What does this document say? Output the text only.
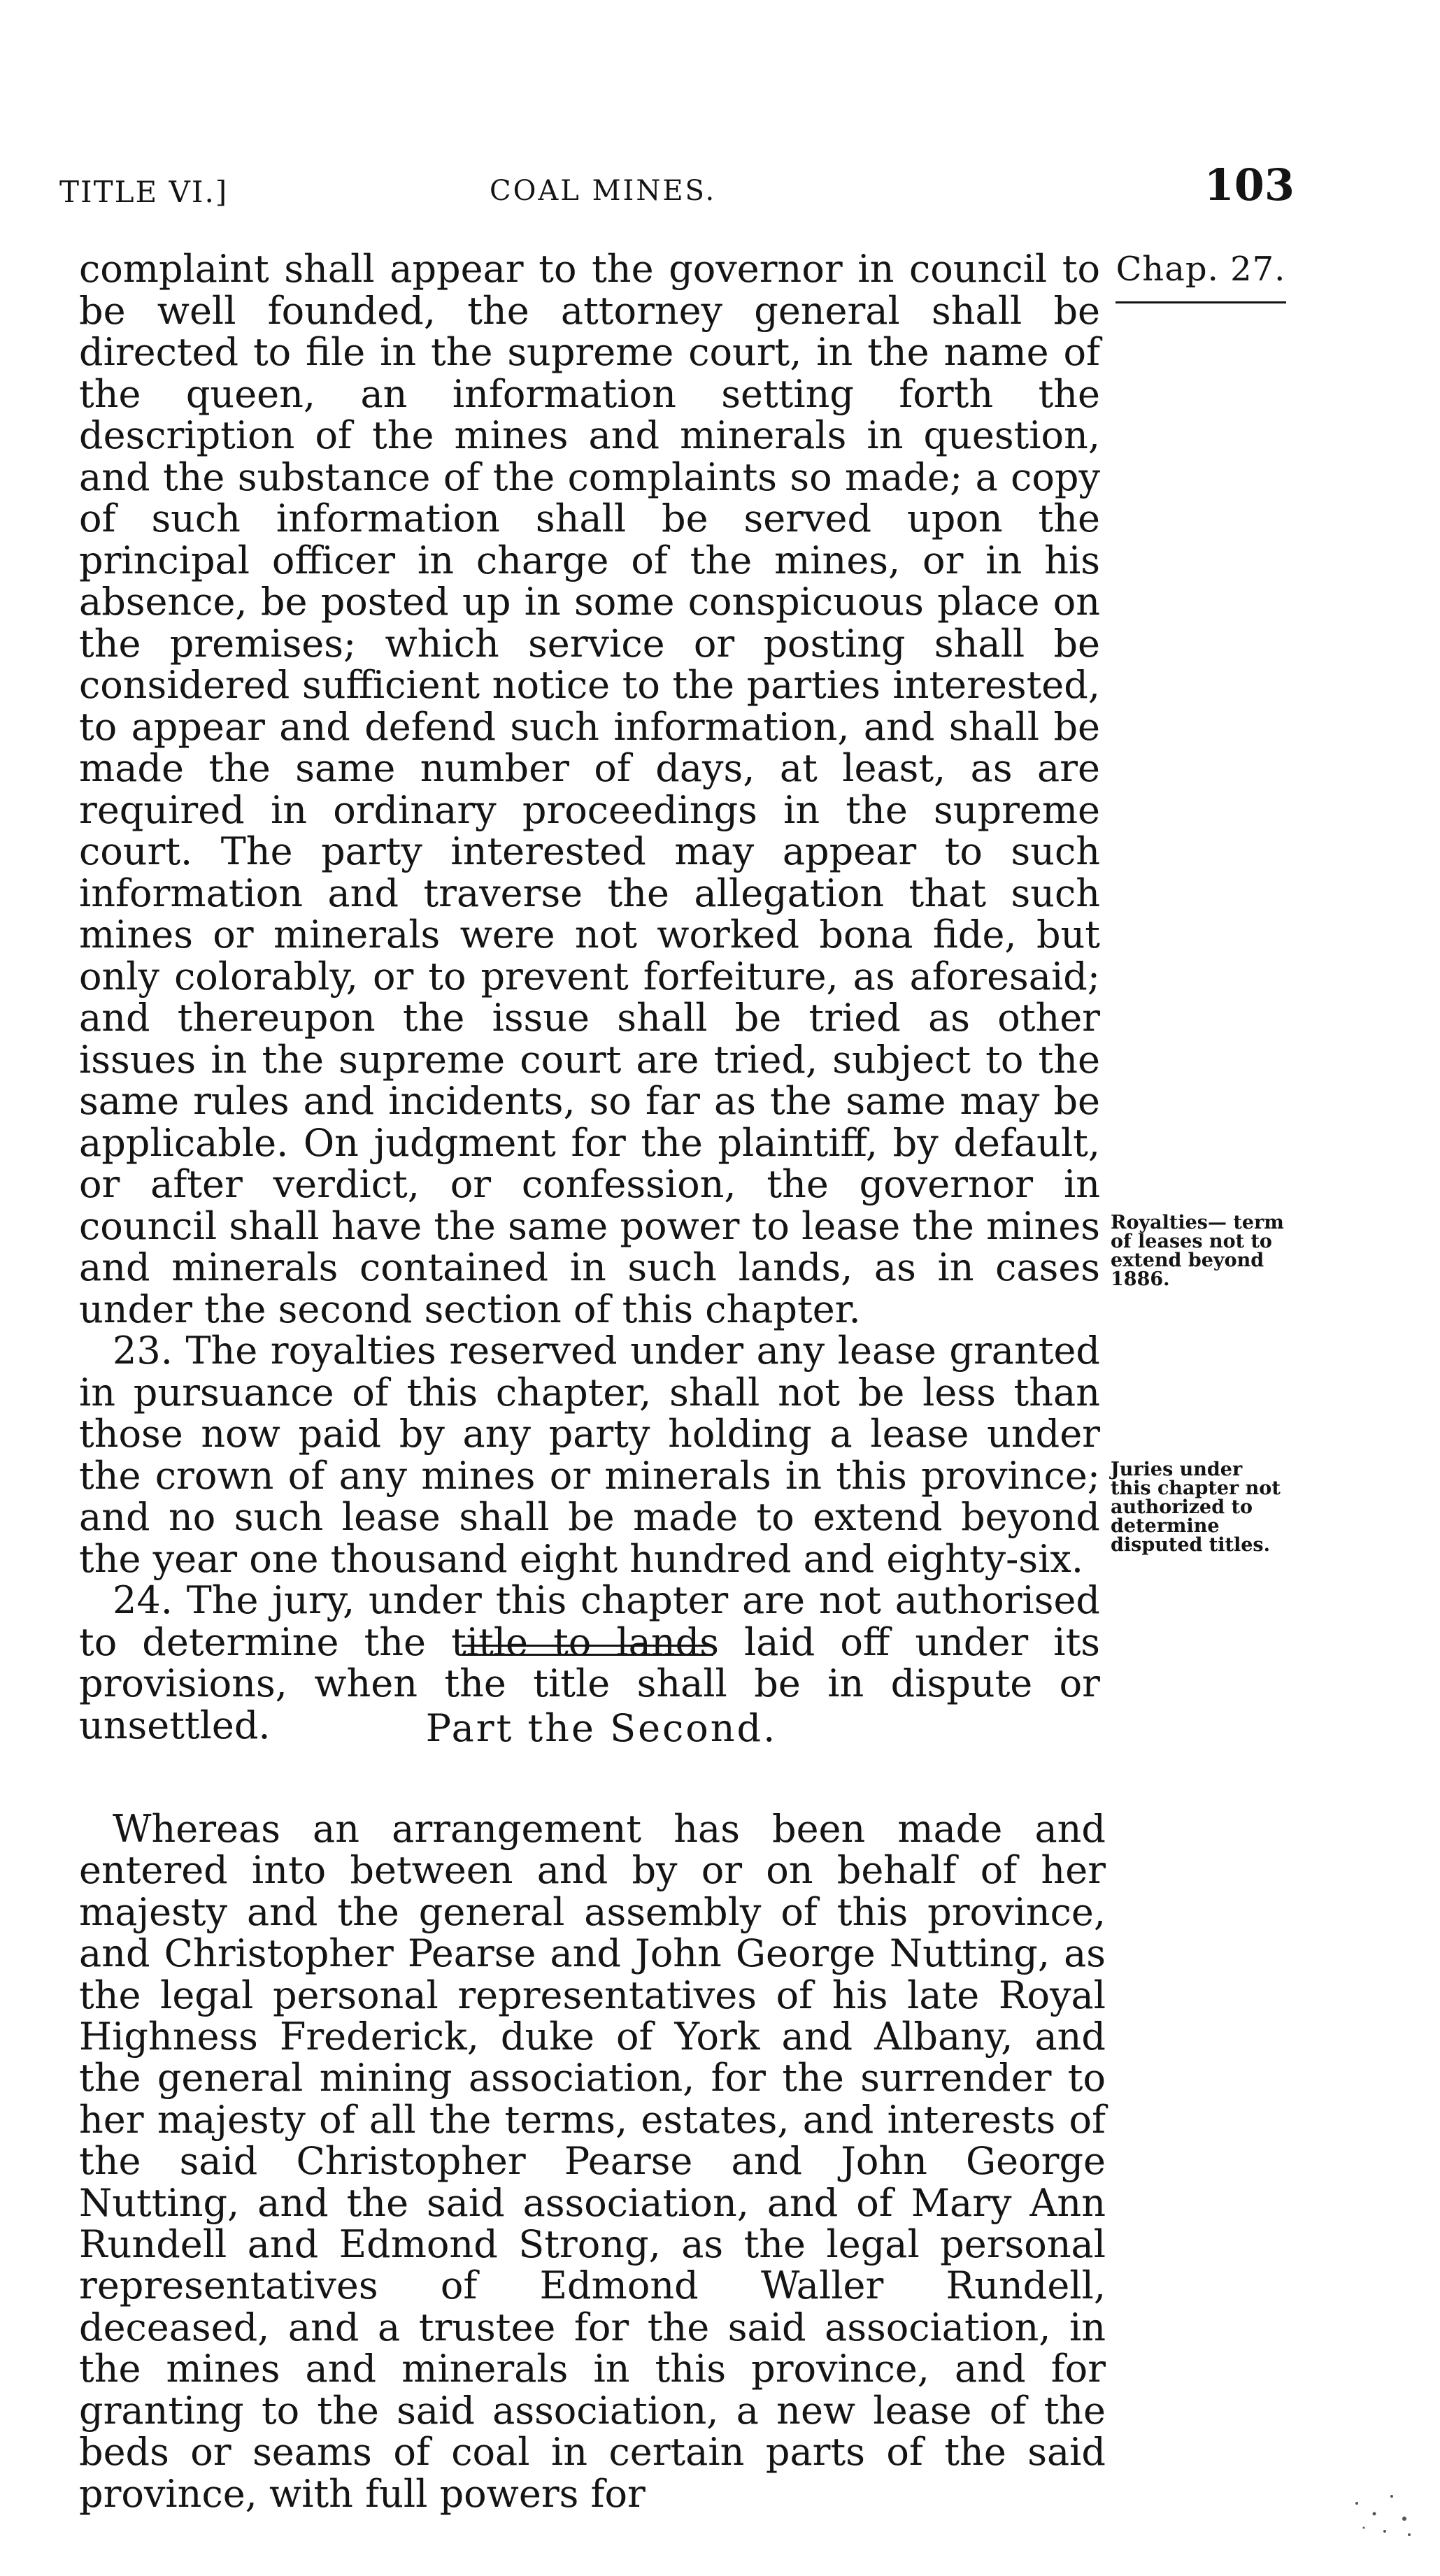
TITLE VI.]	COAL MINES.	103
Chap. 27.

complaint shall appear to the governor in council to be well founded, the attorney general shall be directed to file in the supreme court, in the name of the queen, an information setting forth the description of the mines and minerals in question, and the substance of the complaints so made; a copy of such information shall be served upon the principal officer in charge of the mines, or in his absence, be posted up in some conspicuous place on the premises; which service or posting shall be considered sufficient notice to the parties interested, to appear and defend such information, and shall be made the same number of days, at least, as are required in ordinary proceedings in the supreme court. The party interested may appear to such information and traverse the allegation that such mines or minerals were not worked bona fide, but only colorably, or to prevent forfeiture, as aforesaid; and thereupon the issue shall be tried as other issues in the supreme court are tried, subject to the same rules and incidents, so far as the same may be applicable. On judgment for the plaintiff, by default, or after verdict, or confession, the governor in council shall have the same power to lease the mines and minerals contained in such lands, as in cases under the second section of this chapter.

23. The royalties reserved under any lease granted in pursuance of this chapter, shall not be less than those now paid by any party holding a lease under the crown of any mines or minerals in this province; and no such lease shall be made to extend beyond the year one thousand eight hundred and eighty-six.

24. The jury, under this chapter are not authorised to determine the title to lands laid off under its provisions, when the title shall be in dispute or unsettled.

Royalties— term of leases not to extend beyond 1886.
Juries under this chapter not authorized to determine disputed titles.
Part the Second.

Whereas an arrangement has been made and entered into between and by or on behalf of her majesty and the general assembly of this province, and Christopher Pearse and John George Nutting, as the legal personal representatives of his late Royal Highness Frederick, duke of York and Albany, and the general mining association, for the surrender to her majesty of all the terms, estates, and interests of the said Christopher Pearse and John George Nutting, and the said association, and of Mary Ann Rundell and Edmond Strong, as the legal personal representatives of Edmond Waller Rundell, deceased, and a trustee for the said association, in the mines and minerals in this province, and for granting to the said association, a new lease of the beds or seams of coal in certain parts of the said province, with full powers for
